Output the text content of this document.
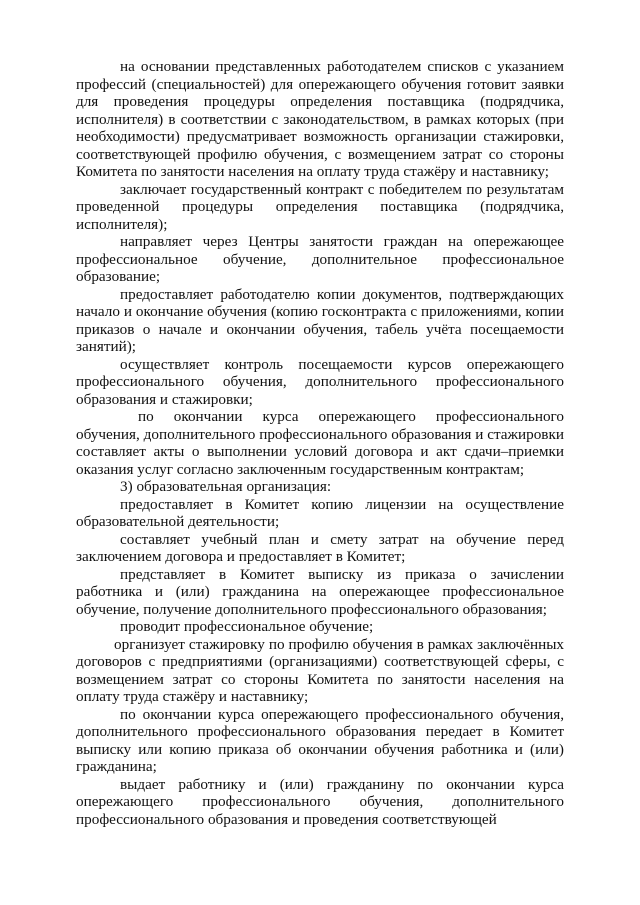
на основании представленных работодателем списков с указанием профессий (специальностей) для опережающего обучения готовит заявки для проведения процедуры определения поставщика (подрядчика, исполнителя) в соответствии с законодательством, в рамках которых (при необходимости) предусматривает возможность организации стажировки, соответствующей профилю обучения, с возмещением затрат со стороны Комитета по занятости населения на оплату труда стажёру и наставнику;

заключает государственный контракт с победителем по результатам проведенной процедуры определения поставщика (подрядчика, исполнителя);

направляет через Центры занятости граждан на опережающее профессиональное обучение, дополнительное профессиональное образование;

предоставляет работодателю копии документов, подтверждающих начало и окончание обучения (копию госконтракта с приложениями, копии приказов о начале и окончании обучения, табель учёта посещаемости занятий);

осуществляет контроль посещаемости курсов опережающего профессионального обучения, дополнительного профессионального образования и стажировки;

по окончании курса опережающего профессионального обучения, дополнительного профессионального образования и стажировки составляет акты о выполнении условий договора и акт сдачи–приемки оказания услуг согласно заключенным государственным контрактам;

3) образовательная организация:

предоставляет в Комитет копию лицензии на осуществление образовательной деятельности;

составляет учебный план и смету затрат на обучение перед заключением договора и предоставляет в Комитет;

представляет в Комитет выписку из приказа о зачислении работника и (или) гражданина на опережающее профессиональное обучение, получение дополнительного профессионального образования;

проводит профессиональное обучение;

организует стажировку по профилю обучения в рамках заключённых договоров с предприятиями (организациями) соответствующей сферы, с возмещением затрат со стороны Комитета по занятости населения на оплату труда стажёру и наставнику;

по окончании курса опережающего профессионального обучения, дополнительного профессионального образования передает в Комитет выписку или копию приказа об окончании обучения работника и (или) гражданина;

выдает работнику и (или) гражданину по окончании курса опережающего профессионального обучения, дополнительного профессионального образования и проведения соответствующей
